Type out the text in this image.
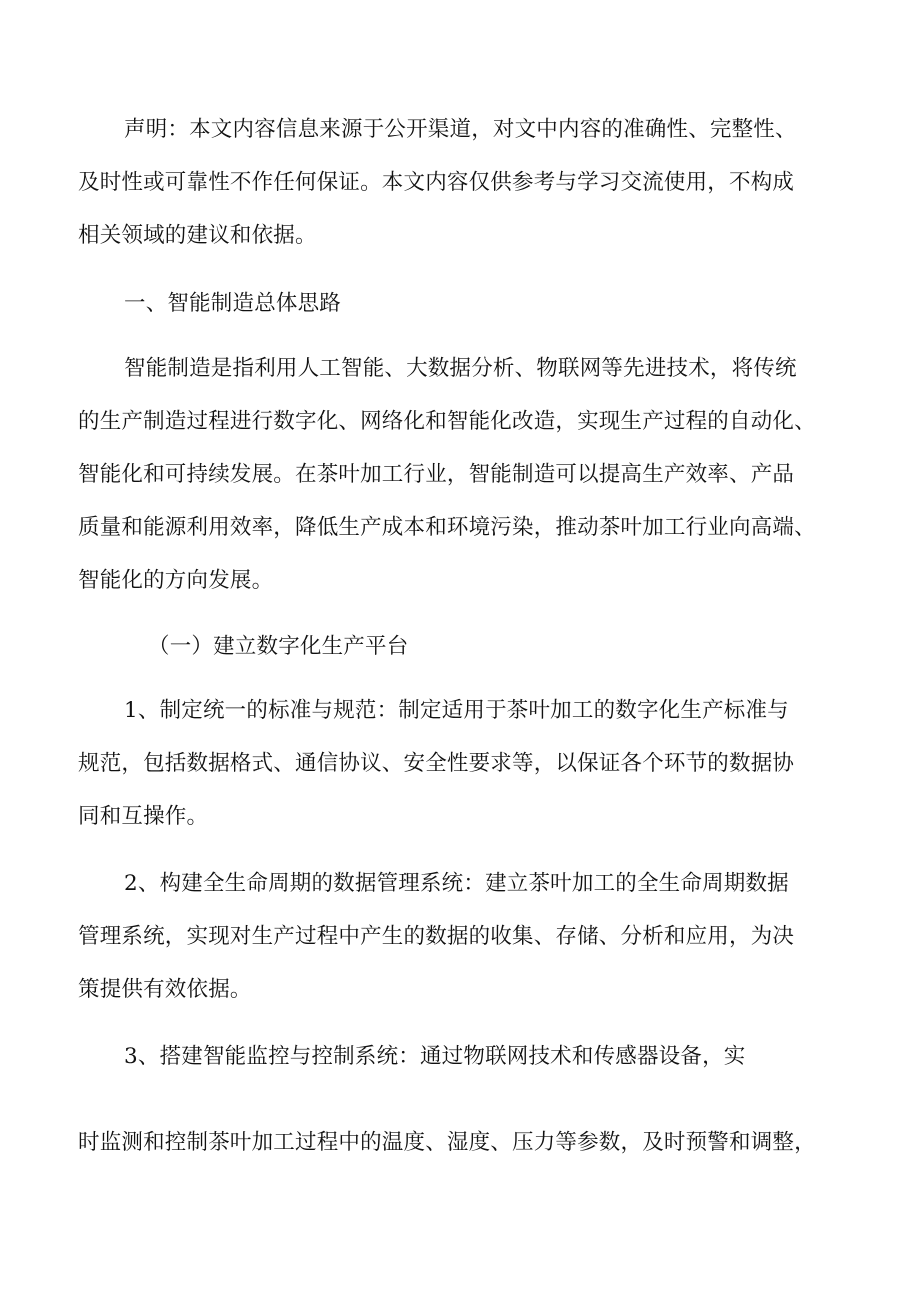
声明：本文内容信息来源于公开渠道，对文中内容的准确性、完整性、

及时性或可靠性不作任何保证。本文内容仅供参考与学习交流使用，不构成

相关领域的建议和依据。

一、智能制造总体思路

智能制造是指利用人工智能、大数据分析、物联网等先进技术，将传统

的生产制造过程进行数字化、网络化和智能化改造，实现生产过程的自动化、

智能化和可持续发展。在茶叶加工行业，智能制造可以提高生产效率、产品

质量和能源利用效率，降低生产成本和环境污染，推动茶叶加工行业向高端、

智能化的方向发展。

（一）建立数字化生产平台

1、制定统一的标准与规范：制定适用于茶叶加工的数字化生产标准与

规范，包括数据格式、通信协议、安全性要求等，以保证各个环节的数据协

同和互操作。

2、构建全生命周期的数据管理系统：建立茶叶加工的全生命周期数据

管理系统，实现对生产过程中产生的数据的收集、存储、分析和应用，为决

策提供有效依据。

3、搭建智能监控与控制系统：通过物联网技术和传感器设备，实

时监测和控制茶叶加工过程中的温度、湿度、压力等参数，及时预警和调整，
